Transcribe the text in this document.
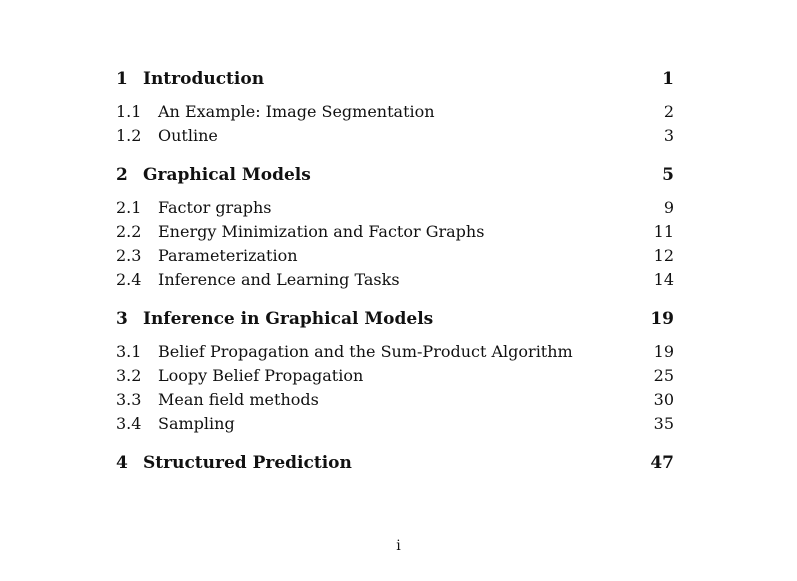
1 Introduction	1
1.1 An Example: Image Segmentation	2
1.2 Outline	3
2 Graphical Models	5
2.1 Factor graphs	9
2.2 Energy Minimization and Factor Graphs	11
2.3 Parameterization	12
2.4 Inference and Learning Tasks	14
3 Inference in Graphical Models	19
3.1 Belief Propagation and the Sum-Product Algorithm	19
3.2 Loopy Belief Propagation	25
3.3 Mean field methods	30
3.4 Sampling	35
4 Structured Prediction	47
i
